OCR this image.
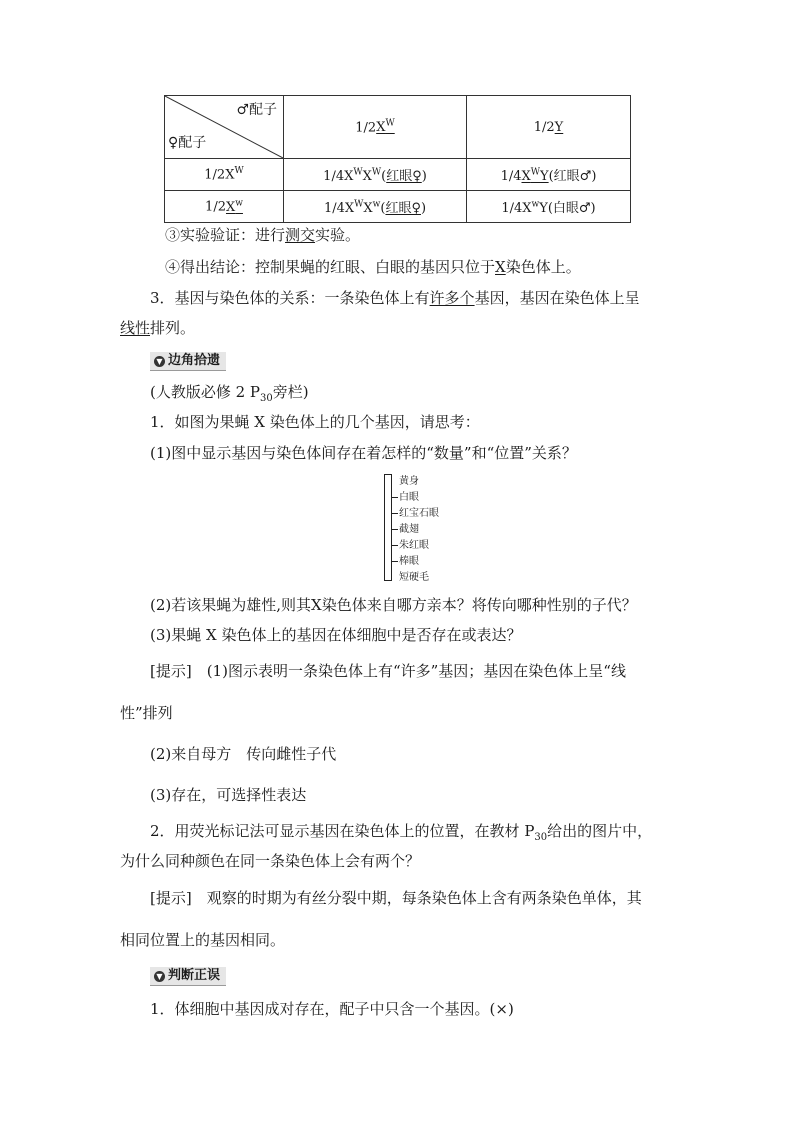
♂配子
♀配子	$1/2X^W$	1/2Y
$1/2X^W$	$1/4X^WX^W$(红眼♀)	$1/4X^WY$(红眼♂)
$1/2X^w$	$1/4X^WX^w$(红眼♀)	$1/4X^wY$(白眼♂)
③实验验证：进行测交实验。
④得出结论：控制果蝇的红眼、白眼的基因只位于X染色体上。
3．基因与染色体的关系：一条染色体上有许多个基因，基因在染色体上呈
线性排列。
▼ 边角拾遗
(人教版必修 2 $P_{30}$旁栏)
1．如图为果蝇 X 染色体上的几个基因，请思考：
(1)图中显示基因与染色体间存在着怎样的“数量”和“位置”关系？
黄身
白眼
红宝石眼
截翅
朱红眼
棒眼
短硬毛
(2)若该果蝇为雄性,则其X染色体来自哪方亲本？将传向哪种性别的子代？
(3)果蝇 X 染色体上的基因在体细胞中是否存在或表达？
[提示]　(1)图示表明一条染色体上有“许多”基因；基因在染色体上呈“线
性”排列
(2)来自母方　传向雌性子代
(3)存在，可选择性表达
2．用荧光标记法可显示基因在染色体上的位置，在教材 $P_{30}$给出的图片中，
为什么同种颜色在同一条染色体上会有两个？
[提示]　观察的时期为有丝分裂中期，每条染色体上含有两条染色单体，其
相同位置上的基因相同。
▼ 判断正误
1．体细胞中基因成对存在，配子中只含一个基因。(×)
